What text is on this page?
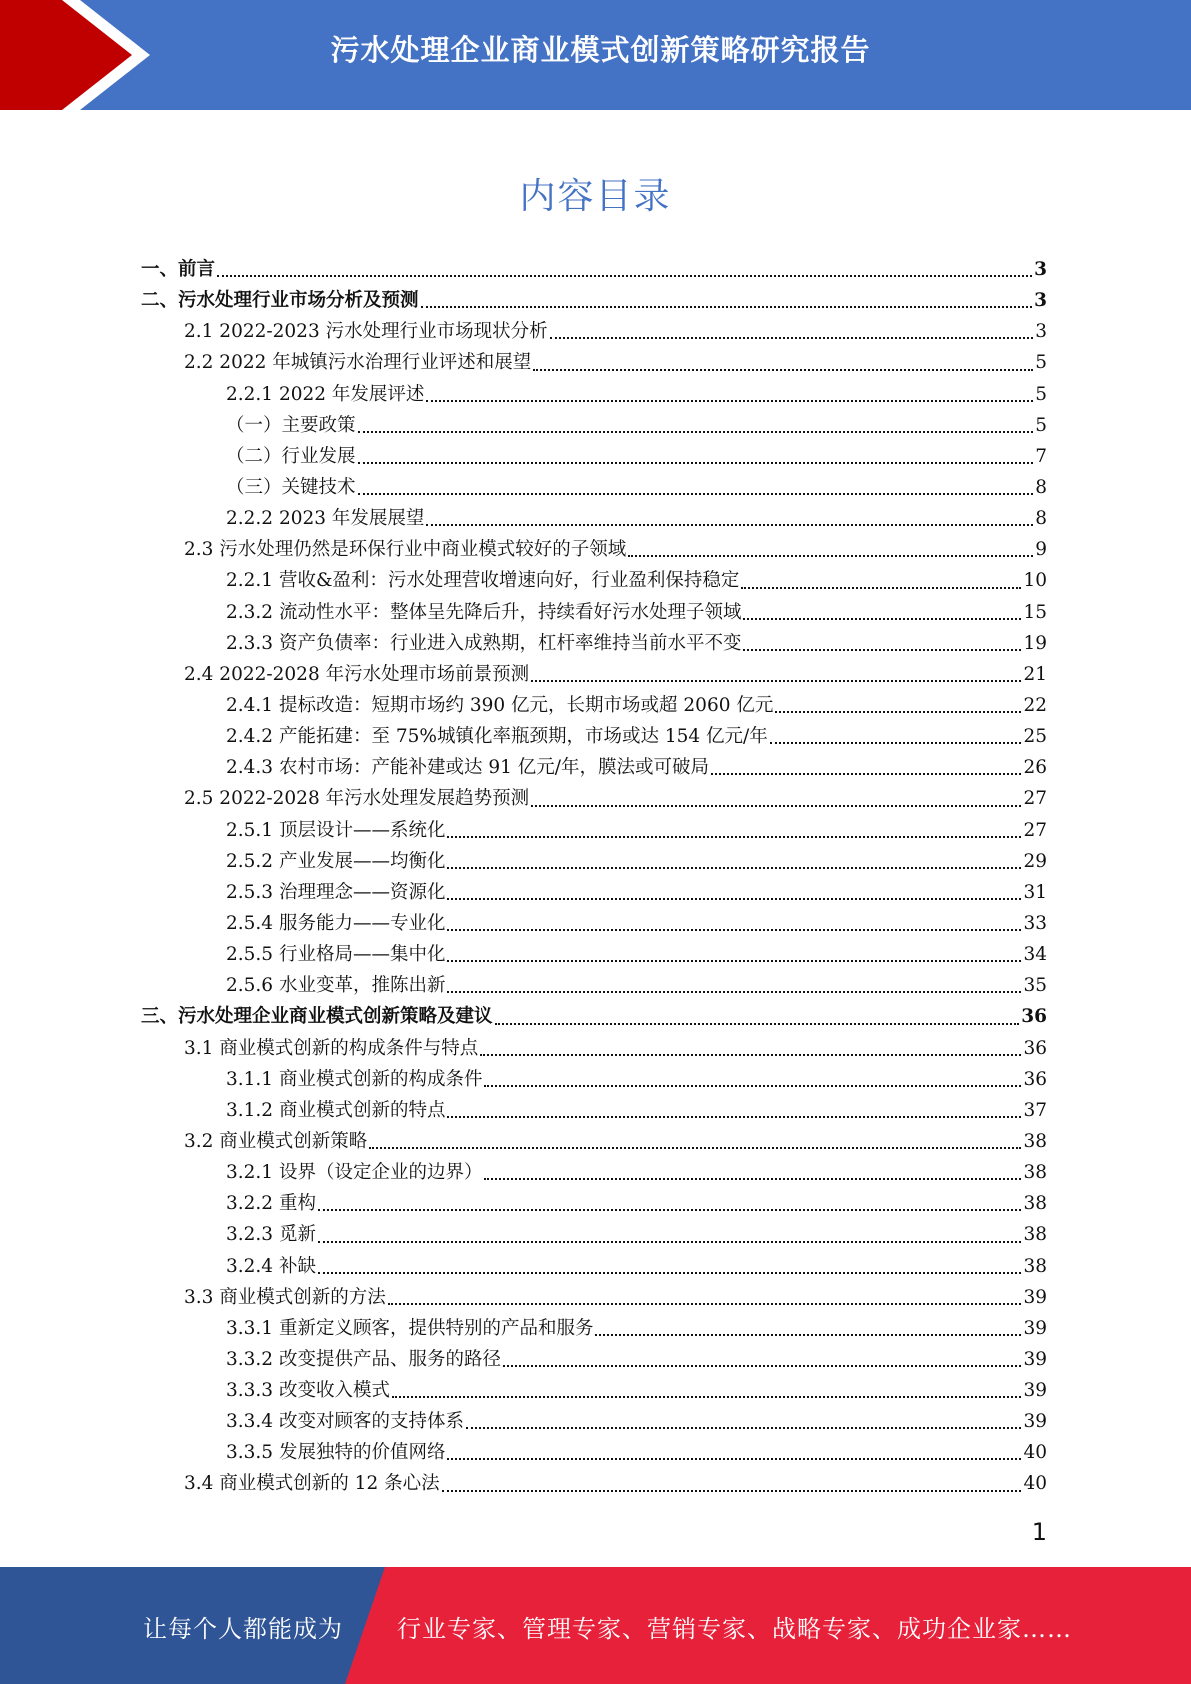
污水处理企业商业模式创新策略研究报告
内容目录
一、前言	3
二、污水处理行业市场分析及预测	3
2.1 2022-2023 污水处理行业市场现状分析	3
2.2 2022 年城镇污水治理行业评述和展望	5
2.2.1 2022 年发展评述	5
（一）主要政策	5
（二）行业发展	7
（三）关键技术	8
2.2.2 2023 年发展展望	8
2.3 污水处理仍然是环保行业中商业模式较好的子领域	9
2.2.1 营收&盈利：污水处理营收增速向好，行业盈利保持稳定	10
2.3.2 流动性水平：整体呈先降后升，持续看好污水处理子领域	15
2.3.3 资产负债率：行业进入成熟期，杠杆率维持当前水平不变	19
2.4 2022-2028 年污水处理市场前景预测	21
2.4.1 提标改造：短期市场约 390 亿元，长期市场或超 2060 亿元	22
2.4.2 产能拓建：至 75%城镇化率瓶颈期，市场或达 154 亿元/年	25
2.4.3 农村市场：产能补建或达 91 亿元/年，膜法或可破局	26
2.5 2022-2028 年污水处理发展趋势预测	27
2.5.1 顶层设计——系统化	27
2.5.2 产业发展——均衡化	29
2.5.3 治理理念——资源化	31
2.5.4 服务能力——专业化	33
2.5.5 行业格局——集中化	34
2.5.6 水业变革，推陈出新	35
三、污水处理企业商业模式创新策略及建议	36
3.1 商业模式创新的构成条件与特点	36
3.1.1 商业模式创新的构成条件	36
3.1.2 商业模式创新的特点	37
3.2 商业模式创新策略	38
3.2.1 设界（设定企业的边界）	38
3.2.2 重构	38
3.2.3 觅新	38
3.2.4 补缺	38
3.3 商业模式创新的方法	39
3.3.1 重新定义顾客，提供特别的产品和服务	39
3.3.2 改变提供产品、服务的路径	39
3.3.3 改变收入模式	39
3.3.4 改变对顾客的支持体系	39
3.3.5 发展独特的价值网络	40
3.4 商业模式创新的 12 条心法	40
1
让每个人都能成为 行业专家、管理专家、营销专家、战略专家、成功企业家……
